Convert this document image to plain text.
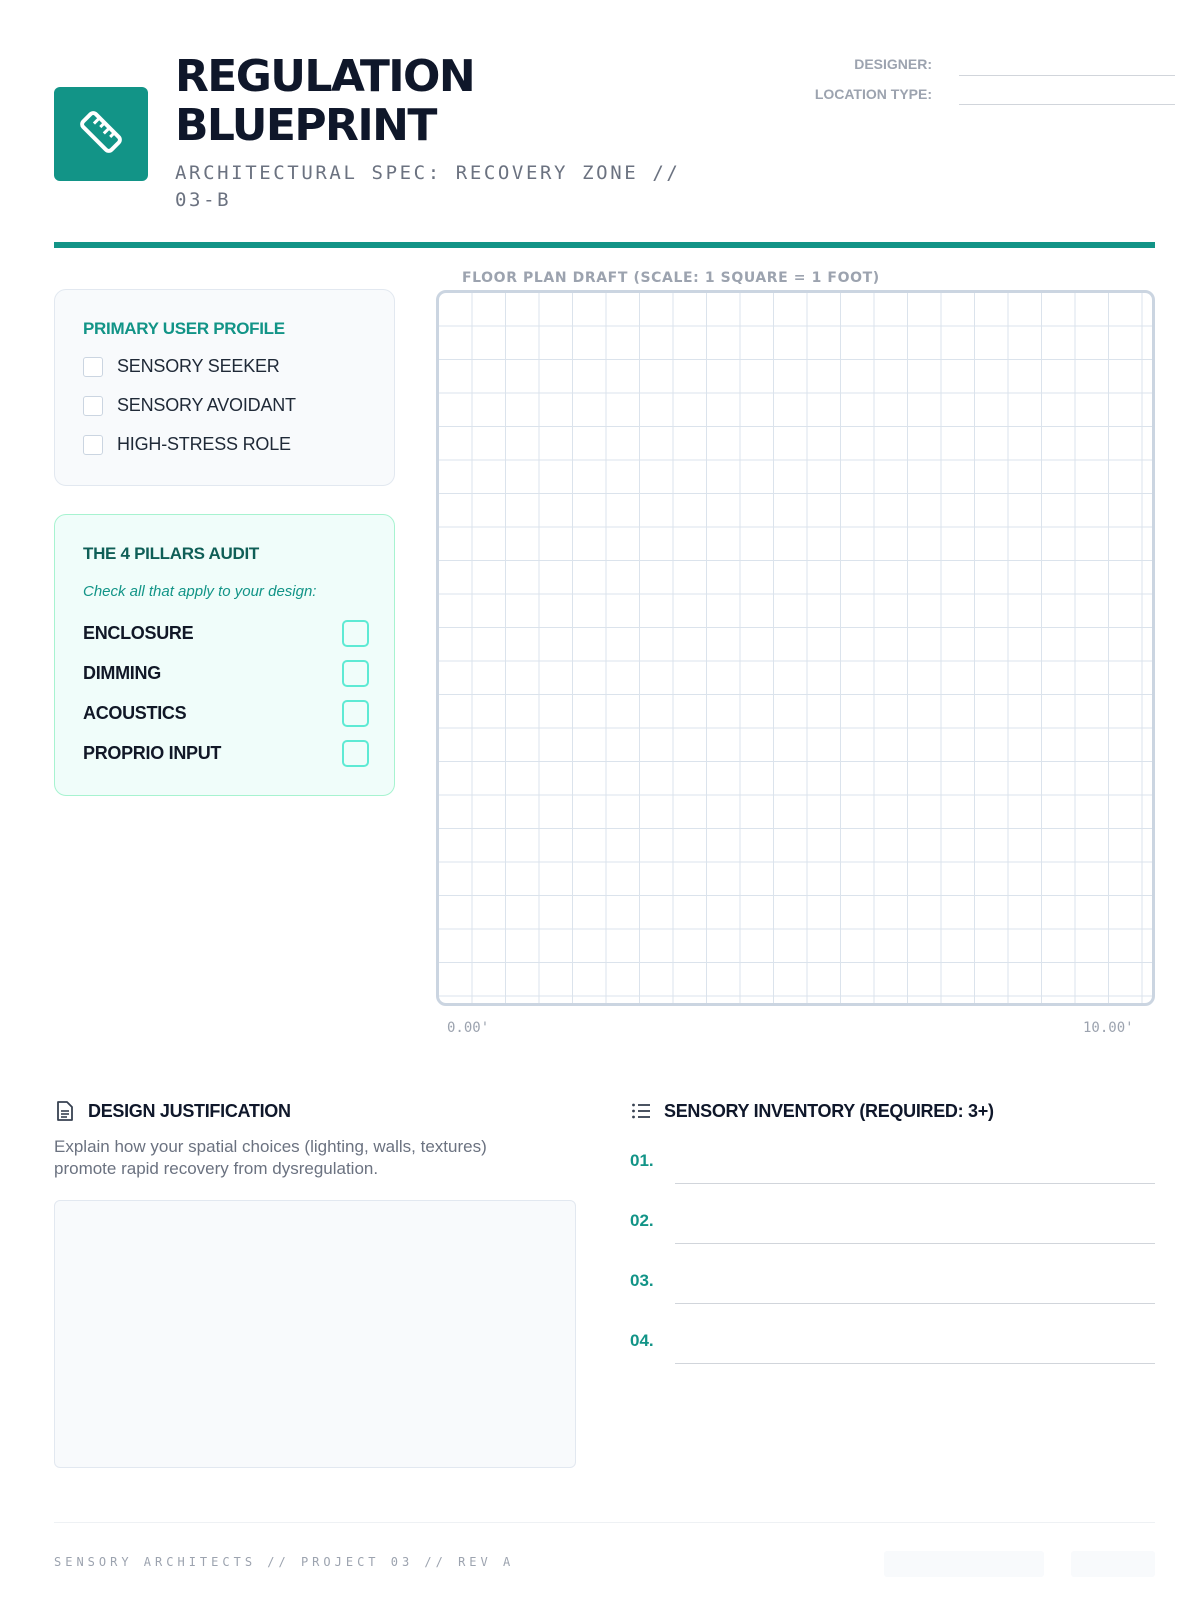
REGULATION
BLUEPRINT
ARCHITECTURAL SPEC: RECOVERY ZONE // 03-B
DESIGNER:
LOCATION TYPE:
PRIMARY USER PROFILE
SENSORY SEEKER
SENSORY AVOIDANT
HIGH-STRESS ROLE
THE 4 PILLARS AUDIT
Check all that apply to your design:
ENCLOSURE
DIMMING
ACOUSTICS
PROPRIO INPUT
FLOOR PLAN DRAFT (SCALE: 1 SQUARE = 1 FOOT)
0.00'	10.00'
DESIGN JUSTIFICATION
Explain how your spatial choices (lighting, walls, textures) promote rapid recovery from dysregulation.
SENSORY INVENTORY (REQUIRED: 3+)
01.
02.
03.
04.
SENSORY ARCHITECTS // PROJECT 03 // REV A
